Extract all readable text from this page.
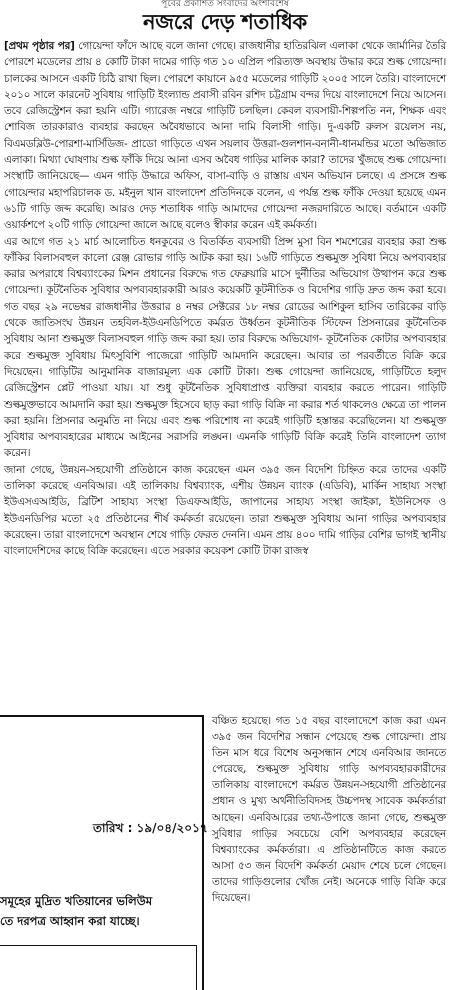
পূর্বের প্রকাশিত সংবাদের অংশবিশেষ
নজরে দেড় শতাধিক

[প্রথম পৃষ্ঠার পর] গোয়েন্দা ফাঁদে আছে বলে জানা গেছে। রাজধানীর হাতিরঝিল এলাকা থেকে জার্মানির তৈরি পোরশে মডেলের প্রায় ৪ কোটি টাকা দামের গাড়ি গত ১০ এপ্রিল পরিত্যক্ত অবস্থায় উদ্ধার করে শুল্ক গোয়েন্দা। চালকের আসনে একটি চিঠি রাখা ছিল। পোরশে কায়ানে ৯৫৫ মডেলের গাড়িটি ২০০৫ সালে তৈরি। বাংলাদেশে ২০১০ সালে কারনেট সুবিধায় গাড়িটি ইংল্যান্ড প্রবাসী রবিন রশিদ চট্টগ্রাম বন্দর দিয়ে বাংলাদেশে নিয়ে আসেন। তবে রেজিস্ট্রেশন করা হয়নি এটি। গ্যারেজ নম্বরে গাড়িটি চলছিল। কেবল ব্যবসায়ী-শিল্পপতি নন, শিক্ষক এবং শোবিজ তারকারাও ব্যবহার করছেন অবৈধভাবে আনা দামি বিলাসী গাড়ি। দু-একটি রুলস রয়েলস নয়, বিএমডব্লিউ-পোরশা-মার্সিডিজ- প্রাডো গাড়িতে এখন সয়লাব উত্তরা-গুলশান-বনানী-ধানমন্ডির মতো অভিজাত এলাকা। মিথ্যা ঘোষণায় শুল্ক ফাঁকি দিয়ে আনা এসব অবৈধ গাড়ির মালিক কারা? তাদের খুঁজছে শুল্ক গোয়েন্দা। সংস্থাটি জানিয়েছে— এমন গাড়ি উদ্ধারে অফিস, বাসা-বাড়ি ও রাস্তায় এখন অভিযান চলছে। এ প্রসঙ্গে শুল্ক গোয়েন্দার মহাপরিচালক ড. মইনুল খান বাংলাদেশ প্রতিদিনকে বলেন, এ পর্যন্ত শুল্ক ফাঁকি দেওয়া হয়েছে এমন ৬১টি গাড়ি জব্দ করেছি। আরও দেড় শতাধিক গাড়ি আমাদের গোয়েন্দা নজরদারিতে আছে। বর্তমানে একটি ওয়ার্কশপে ২০টি গাড়ি গোয়েন্দা জালে আছে বলেও স্বীকার করেন এই কর্মকর্তা।

এর আগে গত ২১ মার্চ আলোচিত ধনকুবের ও বিতর্কিত ব্যবসায়ী প্রিন্স মুসা বিন শমশেরের ব্যবহার করা শুল্ক ফাঁকির বিলাসবহুল কালো রেঞ্জ রোভার গাড়ি আটক করা হয়। ১৬টি গাড়িতে শুল্কমুক্ত সুবিধা নিয়ে অপব্যবহার করার অপরাধে বিশ্বব্যাংকের মিশন প্রধানের বিরুদ্ধে গত ফেব্রুয়ারি মাসে দুর্নীতির অভিযোগ উত্থাপন করে শুল্ক গোয়েন্দা। কূটনৈতিক সুবিধার অপব্যবহারকারী আরও কয়েকটি কূটনীতিক ও বিদেশির গাড়ি দ্রুত জব্দ করা হবে। গত বছর ২৯ নভেম্বর রাজধানীর উত্তরার ৪ নম্বর সেক্টরের ১৮ নম্বর রোডের আশিকুল হাসিব তারিকের বাড়ি থেকে জাতিসংঘ উন্নয়ন তহবিল-ইউএনডিপিতে কর্মরত উর্ধ্বতন কূটনীতিক স্টিফেন প্রিসনারের কূটনৈতিক সুবিধায় আনা শুল্কমুক্ত বিলাসবহুল গাড়ি জব্দ করা হয়। তার বিরুদ্ধে অভিযোগ- কূটনৈতিক কোটার অপব্যবহার করে শুল্কমুক্ত সুবিধায় মিৎসুবিশি পাজেরো গাড়িটি আমদানি করেছেন। আবার তা পরবর্তীতে বিক্রি করে দিয়েছেন। গাড়িটির আনুমানিক বাজারমূল্য এক কোটি টাকা। শুল্ক গোয়েন্দা জানিয়েছে, গাড়িটিতে হলুদ রেজিস্ট্রেশন প্লেট পাওয়া যায়। যা শুধু কূটনৈতিক সুবিধাপ্রাপ্ত ব্যক্তিরা ব্যবহার করতে পারেন। গাড়িটি শুল্কমুক্তভাবে আমদানি করা হয়। শুল্কমুক্ত হিসেবে ছাড় করা গাড়ি বিক্রি না করার শর্ত থাকলেও ক্ষেত্রে তা পালন করা হয়নি। প্রিসনার অনুমতি না নিয়ে এবং শুল্ক পরিশোধ না করেই গাড়িটি হস্তান্তর করেছিলেন। যা শুল্কমুক্ত সুবিধার অপব্যবহারের মাধ্যমে আইনের সরাসরি লঙ্ঘন। এমনকি গাড়িটি বিক্রি করেই তিনি বাংলাদেশ ত্যাগ করেন।

জানা গেছে, উন্নয়ন-সহযোগী প্রতিষ্ঠানে কাজ করেছেন এমন ৩৯৫ জন বিদেশি চিহ্নিত করে তাদের একটি তালিকা করেছে এনবিআর। এই তালিকায় বিশ্বব্যাংক, এশীয় উন্নয়ন ব্যাংক (এডিবি), মার্কিন সাহায্য সংস্থা ইউএসএআইডি, ব্রিটিশ সাহায্য সংস্থা ডিএফআইডি, জাপানের সাহায্য সংস্থা জাইকা, ইউনিসেফ ও ইউএনডিপির মতো ২৫ প্রতিষ্ঠানের শীর্ষ কর্মকর্তা রয়েছেন। তারা শুল্কমুক্ত সুবিধায় আনা গাড়ির অপব্যবহার করেছেন। তারা বাংলাদেশে অবস্থান শেষে গাড়ি ফেরত দেননি। এমন প্রায় ৪০০ দামি গাড়ির বেশির ভাগই স্থানীয় বাংলাদেশিদের কাছে বিক্রি করেছেন। এতে সরকার কয়েকশ কোটি টাকা রাজস্ব

তারিখ : ১৯/০৪/২০১৭
সমূহের মুদ্রিত খতিয়ানের ভলিউম
তে দরপত্র আহ্বান করা যাচ্ছে।
বঞ্চিত হয়েছে। গত ১৫ বছর বাংলাদেশে কাজ করা এমন ৩৯৫ জন বিদেশির সন্ধান পেয়েছে শুল্ক গোয়েন্দা। প্রায় তিন মাস ধরে বিশেষ অনুসন্ধান শেষে এনবিআর জানতে পেরেছে, শুল্কমুক্ত সুবিধায় গাড়ি অপব্যবহারকারীদের তালিকায় বাংলাদেশে কর্মরত উন্নয়ন-সহযোগী প্রতিষ্ঠানের প্রধান ও মুখ্য অর্থনীতিবিদসহ উচ্চপদস্থ সাবেক কর্মকর্তারা আছেন। এনবিআরের তথ্য-উপাত্তে জানা গেছে, শুল্কমুক্ত সুবিধার গাড়ির সবচেয়ে বেশি অপব্যবহার করেছেন বিশ্বব্যাংকের কর্মকর্তারা। এ প্রতিষ্ঠানটিতে কাজ করতে আসা ৫৩ জন বিদেশি কর্মকর্তা মেয়াদ শেষে চলে গেছেন। তাদের গাড়িগুলোর খোঁজ নেই। অনেকে গাড়ি বিক্রি করে দিয়েছেন।
